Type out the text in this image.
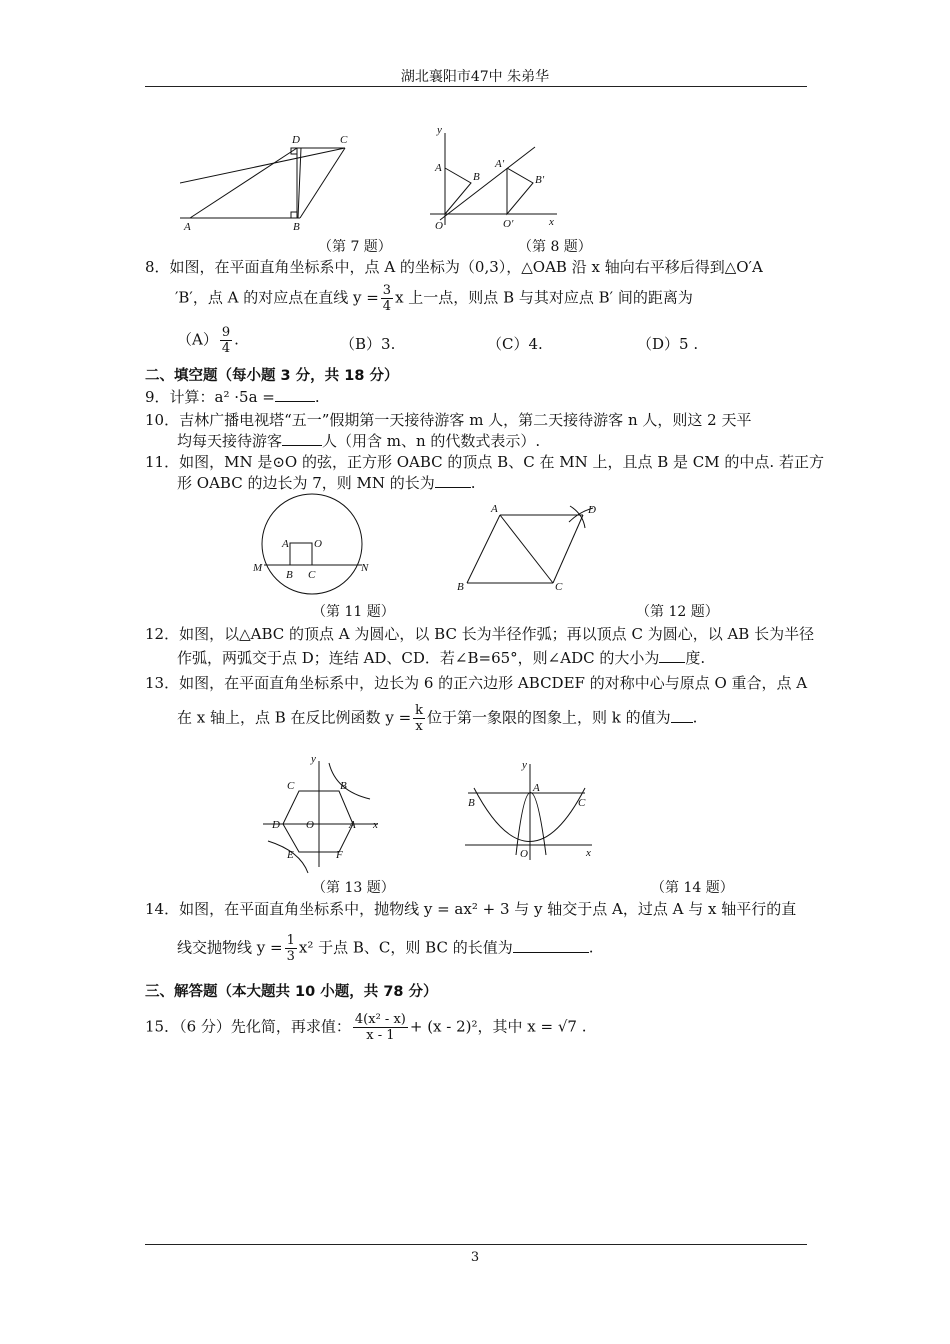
湖北襄阳市47中 朱弟华
D	C
A	B
（第 7 题）
y
A
B
A′
B′
O	O′	x
（第 8 题）
8．如图，在平面直角坐标系中，点 A 的坐标为（0,3），△OAB 沿 x 轴向右平移后得到△O′A
′B′，点 A 的对应点在直线 $y = \frac{3}{4}$ x 上一点，则点 B 与其对应点 B′ 间的距离为
$(A) \frac{9}{4}$ .	（B）3.	（C）4.	（D）5 .
二、填空题（每小题 3 分，共 18 分）
9．计算：a² ·5a =	.
10．吉林广播电视塔“五一”假期第一天接待游客 m 人，第二天接待游客 n 人，则这 2 天平
均每天接待游客	人（用含 m、n 的代数式表示）.
11．如图，MN 是⊙O 的弦，正方形 OABC 的顶点 B、C 在 MN 上，且点 B 是 CM 的中点. 若正方
形 OABC 的边长为 7，则 MN 的长为 .
A O
B C
M	N
（第 11 题）
A	D
B	C
（第 12 题）
12．如图，以△ABC 的顶点 A 为圆心，以 BC 长为半径作弧；再以顶点 C 为圆心，以 AB 长为半径
作弧，两弧交于点 D；连结 AD、CD．若∠B=65°，则∠ADC 的大小为 度.
13．如图，在平面直角坐标系中，边长为 6 的正六边形 ABCDEF 的对称中心与原点 O 重合，点 A
在 x 轴上，点 B 在反比例函数 $y = \frac{k}{x}$ 位于第一象限的图象上，则 k 的值为 .
y
C	B
D O	A x
E	F
（第 13 题）
y
A
B	C
O	x
（第 14 题）
14．如图，在平面直角坐标系中，抛物线 y = ax² + 3 与 y 轴交于点 A，过点 A 与 x 轴平行的直
线交抛物线 $y = \frac{1}{3} x^2$ 于点 B、C，则 BC 的长值为	.
三、解答题（本大题共 10 小题，共 78 分）
15．（6 分）先化简，再求值： $\frac{\text{4(x² - x)}}{x - 1} + (x - 2)^2$，其中 x = √7 .
3
